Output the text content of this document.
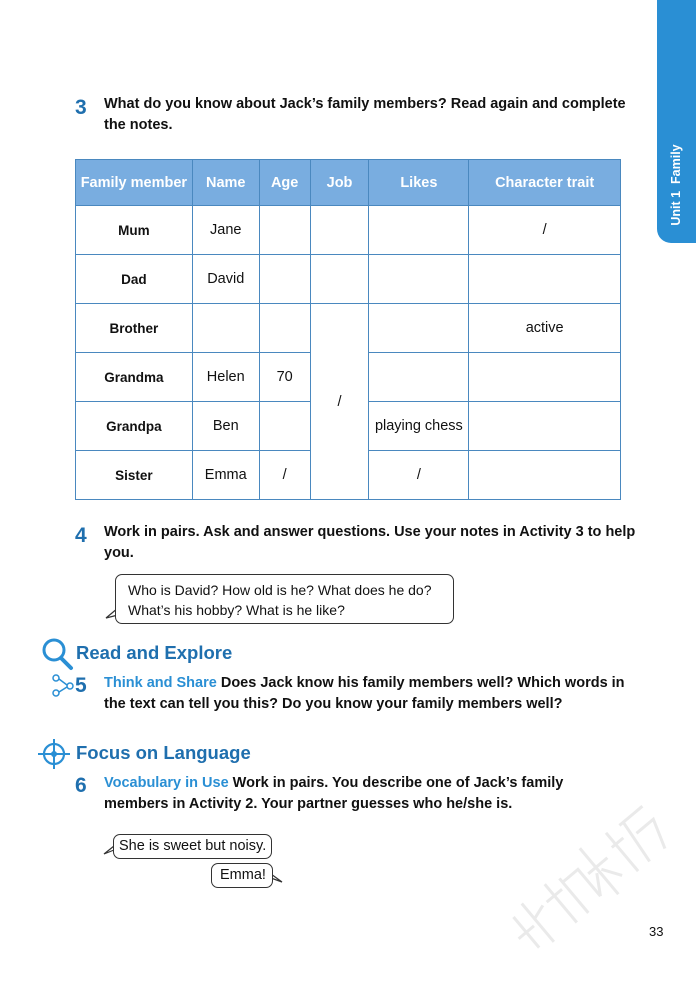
Unit 1  Family
3 What do you know about Jack’s family members? Read again and complete
the notes.
Family member	Name	Age	Job	Likes	Character trait
Mum	Jane				/
Dad	David				
Brother			/		active
Grandma	Helen	70			
Grandpa	Ben			playing chess	
Sister	Emma	/		/	
4 Work in pairs. Ask and answer questions. Use your notes in Activity 3 to help
you.
Who is David? How old is he? What does he do?
What’s his hobby? What is he like?
Read and Explore
5 Think and Share Does Jack know his family members well? Which words in
the text can tell you this? Do you know your family members well?
Focus on Language
6 Vocabulary in Use Work in pairs. You describe one of Jack’s family
members in Activity 2. Your partner guesses who he/she is.
She is sweet but noisy.
Emma!
33
